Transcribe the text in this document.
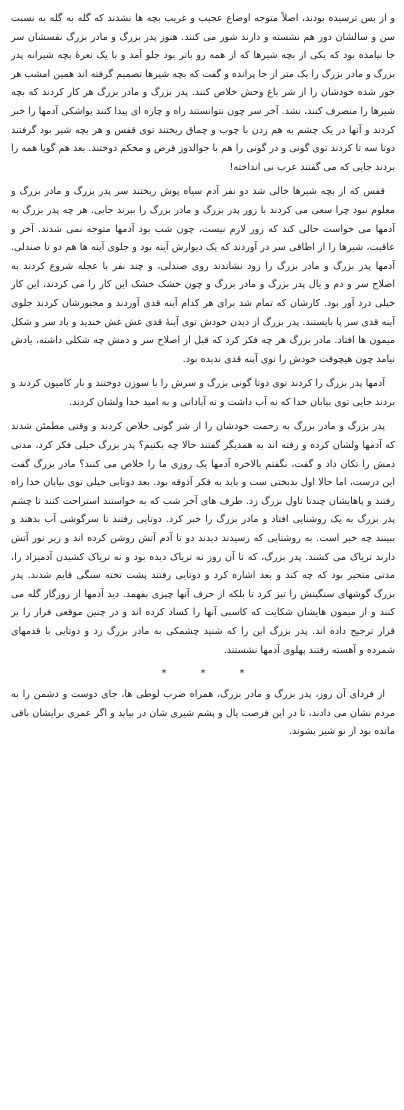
و از بس ترسیده بودند، اصلاً متوجه اوضاع عجیب و غریب بچه ها نشدند که گله به گله به نسبت سن و سالشان دور هم نشسته و دارند شور می کنند. هنوز پدر بزرگ و مادر بزرگ نفسشان سر جا نیامده بود که یکی از بچه شیرها که از همه رو باتر بود جلو آمد و با یک نعرهٔ بچه شیرانه پدر بزرگ و مادر بزرگ را یک متر از جا پرانده و گفت که بچه شیرها تصمیم گرفته اند همین امشب هر جور شده خودشان را از شر باغ وحش خلاص کنند. پدر بزرگ و مادر بزرگ هر کار کردند که بچه شیرها را منصرف کنند، نشد. آخر سر چون نتوانستند راه و چاره ای پیدا کنند یواشکی آدمها را خبر کردند و آنها در یک چشم به هم زدن با چوب و چماق ریختند توی قفس و هر بچه شیر بود گرفتند دوتا سه تا کردند توی گونی و در گونی را هم با جوالدوز قرص و محکم دوختند. بعد هم گویا همه را بردند جایی که می گفتند عرب نی انداخته!

قفس که از بچه شیرها خالی شد دو نفر آدم سیاه پوش ریختند سر پدر بزرگ و مادر بزرگ و معلوم نبود چرا سعی می کردند با زور پدر بزرگ و مادر بزرگ را ببرند جایی. هر چه پدر بزرگ به آدمها می خواست حالی کند که زور لازم نیست، چون شب بود آدمها متوجه نمی شدند. آخر و عاقبت، شیرها را از اطاقی سر در آوردند که یک دیوارش آینه بود و جلوی آینه ها هم دو تا صندلی. آدمها پدر بزرگ و مادر بزرگ را زود نشاندند روی صندلی، و چند نفر با عجله شروع کردند به اصلاح سر و دم و یال پدر بزرگ و مادر بزرگ و چون خشک خشک این کار را می کردند، این کار خیلی درد آور بود. کارشان که تمام شد برای هر کدام آینه قدی آوردند و مجبورشان کردند جلوی آینه قدی سر پا بایستند. پدر بزرگ از دیدن خودش توی آینهٔ قدی غش غش خندید و یاد سر و شکل میمون ها افتاد. مادر بزرگ هر چه فکر کرد که قبل از اصلاح سر و دمش چه شکلی داشته، یادش نیامد چون هیچوقت خودش را توی آینه قدی ندیده بود.

آدمها پدر بزرگ را کردند توی دوتا گونی بزرگ و سرش را با سوزن دوختند و بار کامیون کردند و بردند جایی توی بیابان خدا که نه آب داشت و نه آبادانی و به امید خدا ولشان کردند.

پدر بزرگ و مادر بزرگ به زحمت خودشان را از شر گونی خلاص کردند و وقتی مطمئن شدند که آدمها ولشان کرده و رفته اند به همدیگر گفتند حالا چه بکنیم؟ پدر بزرگ خیلی فکر کرد، مدتی دمش را تکان داد و گفت، نگفتم بالاخره آدمها یک روزی ما را خلاص می کنند؟ مادر بزرگ گفت این درست، اما حالا اول بدبختی ست و باید به فکر آذوقه بود. بعد دوتایی خیلی توی بیابان خدا راه رفتند و پاهایشان چندتا تاول بزرگ زد. طرف های آخر شب که به خواستند استراحت کنند تا چشم پدر بزرگ به یک روشنایی افتاد و مادر بزرگ را خبر کرد. دوتایی رفتند تا سرگوشی آب بدهند و ببینند چه خبر است. به روشنایی که رسیدند دیدند دو تا آدم آتش روشن کرده اند و زیر نور آتش دارند تریاک می کشند. پدر بزرگ، که تا آن روز نه تریاک دیده بود و نه تریاک کشیدن آدمیزاد را، مدتی متحیر بود که چه کند و بعد اشاره کرد و دوتایی رفتند پشت تخته سنگی قایم شدند. پدر بزرگ گوشهای سنگینش را تیز کرد تا بلکه از حرف آنها چیزی بفهمد. دید آدمها از روزگار گله می کنند و از میمون هایشان شکایت که کاسبی آنها را کساد کرده اند و در چنین موقعی فرار را بر قرار ترجیح داده اند. پدر بزرگ این را که شنید چشمکی به مادر بزرگ زد و دوتایی با قدمهای شمرده و آهسته رفتند پهلوی آدمها نشستند.

*	*	*

از فردای آن روز، پدر بزرگ و مادر بزرگ، همراه ضرب لوطی ها، جای دوست و دشمن را به مردم نشان می دادند، تا در این فرصت یال و پشم شیری شان در بیاید و اگر عمری برایشان باقی مانده بود از نو شیر بشوند.
